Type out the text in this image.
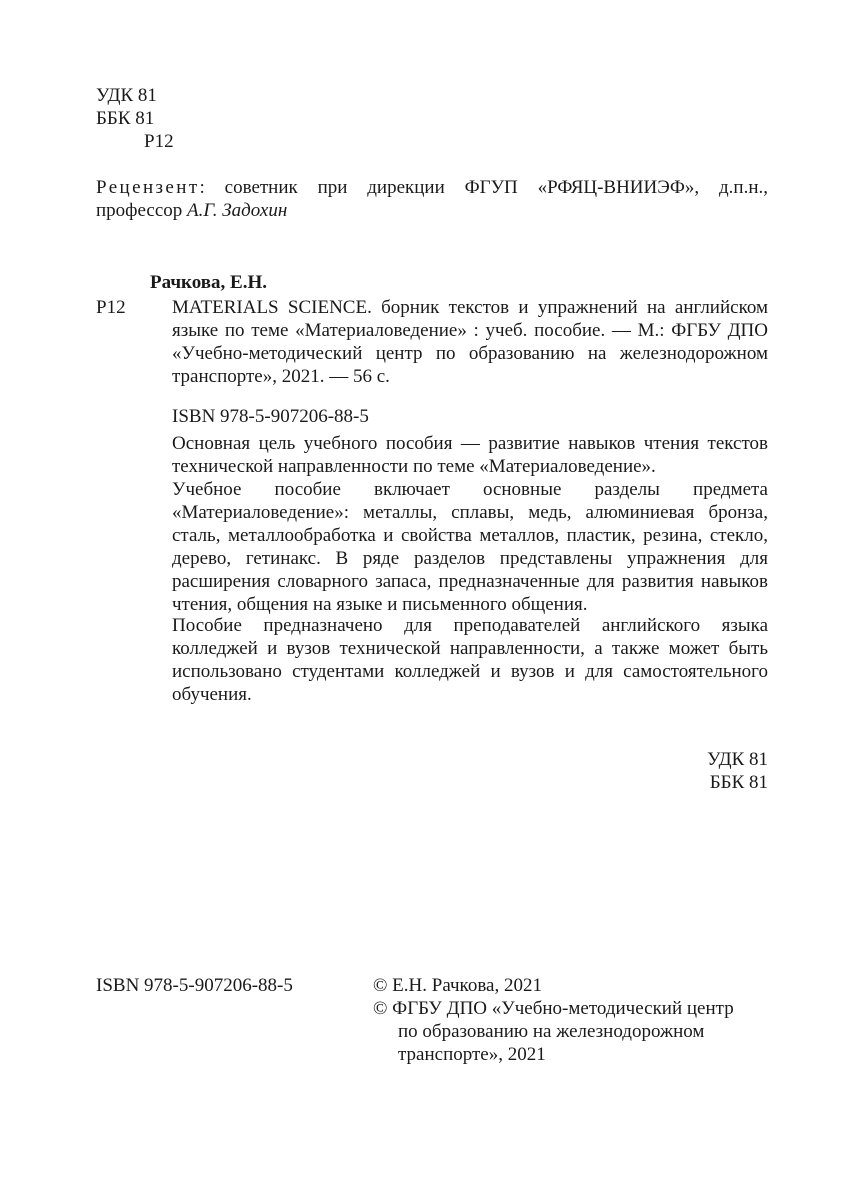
УДК 81
ББК 81
Р12

Рецензент: советник при дирекции ФГУП «РФЯЦ-ВНИИЭФ», д.п.н., профессор А.Г. Задохин

Рачкова, Е.Н.
Р12 MATERIALS SCIENCE. борник текстов и упражнений на английском языке по теме «Материаловедение» : учеб. пособие. — М.: ФГБУ ДПО «Учебно-методический центр по образованию на железнодорожном транспорте», 2021. — 56 с.

ISBN 978-5-907206-88-5

Основная цель учебного пособия — развитие навыков чтения текстов технической направленности по теме «Материаловедение».

Учебное пособие включает основные разделы предмета «Материаловедение»: металлы, сплавы, медь, алюминиевая бронза, сталь, металлообработка и свойства металлов, пластик, резина, стекло, дерево, гетинакс. В ряде разделов представлены упражнения для расширения словарного запаса, предназначенные для развития навыков чтения, общения на языке и письменного общения.

Пособие предназначено для преподавателей английского языка колледжей и вузов технической направленности, а также может быть использовано студентами колледжей и вузов и для самостоятельного обучения.

УДК 81
ББК 81
ISBN 978-5-907206-88-5	© Е.Н. Рачкова, 2021
© ФГБУ ДПО «Учебно-методический центр
по образованию на железнодорожном
транспорте», 2021
